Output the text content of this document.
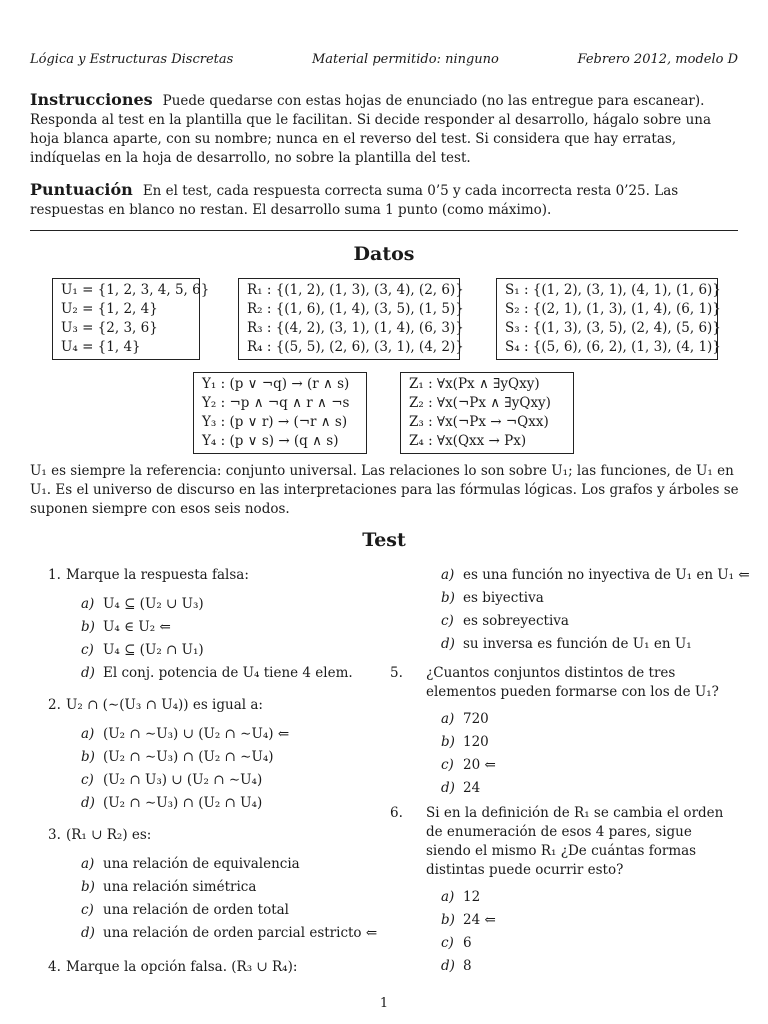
Lógica y Estructuras Discretas	Material permitido: ninguno	Febrero 2012, modelo D
Instrucciones Puede quedarse con estas hojas de enunciado (no las entregue para escanear). Responda al test en la plantilla que le facilitan. Si decide responder al desarrollo, hágalo sobre una hoja blanca aparte, con su nombre; nunca en el reverso del test. Si considera que hay erratas, indíquelas en la hoja de desarrollo, no sobre la plantilla del test.
Puntuación En el test, cada respuesta correcta suma 0’5 y cada incorrecta resta 0’25. Las respuestas en blanco no restan. El desarrollo suma 1 punto (como máximo).
Datos
U₁ = {1, 2, 3, 4, 5, 6}
U₂ = {1, 2, 4}
U₃ = {2, 3, 6}
U₄ = {1, 4}
R₁ : {(1, 2), (1, 3), (3, 4), (2, 6)}
R₂ : {(1, 6), (1, 4), (3, 5), (1, 5)}
R₃ : {(4, 2), (3, 1), (1, 4), (6, 3)}
R₄ : {(5, 5), (2, 6), (3, 1), (4, 2)}
S₁ : {(1, 2), (3, 1), (4, 1), (1, 6)}
S₂ : {(2, 1), (1, 3), (1, 4), (6, 1)}
S₃ : {(1, 3), (3, 5), (2, 4), (5, 6)}
S₄ : {(5, 6), (6, 2), (1, 3), (4, 1)}
Y₁ : (p ∨ ¬q) → (r ∧ s)
Y₂ : ¬p ∧ ¬q ∧ r ∧ ¬s
Y₃ : (p ∨ r) → (¬r ∧ s)
Y₄ : (p ∨ s) → (q ∧ s)
Z₁ : ∀x(Px ∧ ∃yQxy)
Z₂ : ∀x(¬Px ∧ ∃yQxy)
Z₃ : ∀x(¬Px → ¬Qxx)
Z₄ : ∀x(Qxx → Px)
U₁ es siempre la referencia: conjunto universal. Las relaciones lo son sobre U₁; las funciones, de U₁ en U₁. Es el universo de discurso en las interpretaciones para las fórmulas lógicas. Los grafos y árboles se suponen siempre con esos seis nodos.
Test
1. Marque la respuesta falsa:
a) U₄ ⊆ (U₂ ∪ U₃)
b) U₄ ∈ U₂ ⇐
c) U₄ ⊆ (U₂ ∩ U₁)
d) El conj. potencia de U₄ tiene 4 elem.
2. U₂ ∩ (∼(U₃ ∩ U₄)) es igual a:
a) (U₂ ∩ ∼U₃) ∪ (U₂ ∩ ∼U₄) ⇐
b) (U₂ ∩ ∼U₃) ∩ (U₂ ∩ ∼U₄)
c) (U₂ ∩ U₃) ∪ (U₂ ∩ ∼U₄)
d) (U₂ ∩ ∼U₃) ∩ (U₂ ∩ U₄)
3. (R₁ ∪ R₂) es:
a) una relación de equivalencia
b) una relación simétrica
c) una relación de orden total
d) una relación de orden parcial estricto ⇐
4. Marque la opción falsa. (R₃ ∪ R₄):
a) es una función no inyectiva de U₁ en U₁ ⇐
b) es biyectiva
c) es sobreyectiva
d) su inversa es función de U₁ en U₁
5. ¿Cuantos conjuntos distintos de tres elementos pueden formarse con los de U₁?
a) 720
b) 120
c) 20 ⇐
d) 24
6. Si en la definición de R₁ se cambia el orden de enumeración de esos 4 pares, sigue siendo el mismo R₁ ¿De cuántas formas distintas puede ocurrir esto?
a) 12
b) 24 ⇐
c) 6
d) 8
1
